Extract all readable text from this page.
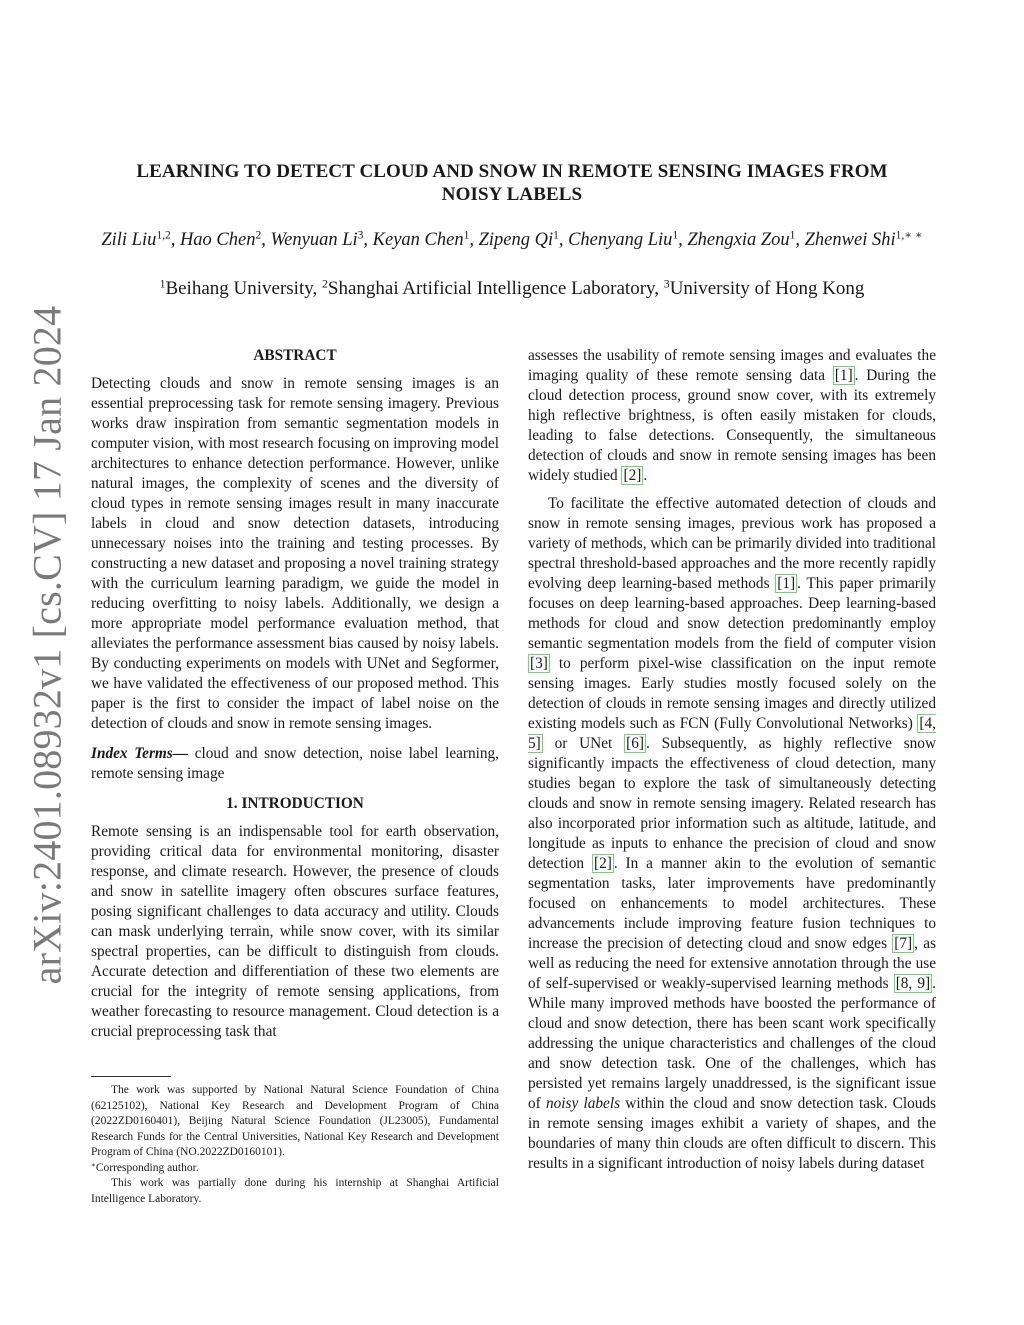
arXiv:2401.08932v1 [cs.CV] 17 Jan 2024
LEARNING TO DETECT CLOUD AND SNOW IN REMOTE SENSING IMAGES FROM
NOISY LABELS
Zili Liu$^{1,2}$, Hao Chen$^2$, Wenyuan Li$^3$, Keyan Chen$^1$, Zipeng Qi$^1$, Chenyang Liu$^1$, Zhengxia Zou$^1$, Zhenwei Shi$^{1,∗ ∗}$
$^1$Beihang University, $^2$Shanghai Artificial Intelligence Laboratory, $^3$University of Hong Kong
ABSTRACT

Detecting clouds and snow in remote sensing images is an essential preprocessing task for remote sensing imagery. Previous works draw inspiration from semantic segmentation models in computer vision, with most research focusing on improving model architectures to enhance detection performance. However, unlike natural images, the complexity of scenes and the diversity of cloud types in remote sensing images result in many inaccurate labels in cloud and snow detection datasets, introducing unnecessary noises into the training and testing processes. By constructing a new dataset and proposing a novel training strategy with the curriculum learning paradigm, we guide the model in reducing overfitting to noisy labels. Additionally, we design a more appropriate model performance evaluation method, that alleviates the performance assessment bias caused by noisy labels. By conducting experiments on models with UNet and Segformer, we have validated the effectiveness of our proposed method. This paper is the first to consider the impact of label noise on the detection of clouds and snow in remote sensing images.

Index Terms— cloud and snow detection, noise label learning, remote sensing image

1. INTRODUCTION

Remote sensing is an indispensable tool for earth observation, providing critical data for environmental monitoring, disaster response, and climate research. However, the presence of clouds and snow in satellite imagery often obscures surface features, posing significant challenges to data accuracy and utility. Clouds can mask underlying terrain, while snow cover, with its similar spectral properties, can be difficult to distinguish from clouds. Accurate detection and differentiation of these two elements are crucial for the integrity of remote sensing applications, from weather forecasting to resource management. Cloud detection is a crucial preprocessing task that

The work was supported by National Natural Science Foundation of China (62125102), National Key Research and Development Program of China (2022ZD0160401), Beijing Natural Science Foundation (JL23005), Fundamental Research Funds for the Central Universities, National Key Research and Development Program of China (NO.2022ZD0160101).
∗Corresponding author.
This work was partially done during his internship at Shanghai Artificial Intelligence Laboratory.

assesses the usability of remote sensing images and evaluates the imaging quality of these remote sensing data [1] . During the cloud detection process, ground snow cover, with its extremely high reflective brightness, is often easily mistaken for clouds, leading to false detections. Consequently, the simultaneous detection of clouds and snow in remote sensing images has been widely studied [2] .

To facilitate the effective automated detection of clouds and snow in remote sensing images, previous work has proposed a variety of methods, which can be primarily divided into traditional spectral threshold-based approaches and the more recently rapidly evolving deep learning-based methods [1] . This paper primarily focuses on deep learning-based approaches. Deep learning-based methods for cloud and snow detection predominantly employ semantic segmentation models from the field of computer vision [3] to perform pixel-wise classification on the input remote sensing images. Early studies mostly focused solely on the detection of clouds in remote sensing images and directly utilized existing models such as FCN (Fully Convolutional Networks) [4, 5] or UNet [6] . Subsequently, as highly reflective snow significantly impacts the effectiveness of cloud detection, many studies began to explore the task of simultaneously detecting clouds and snow in remote sensing imagery. Related research has also incorporated prior information such as altitude, latitude, and longitude as inputs to enhance the precision of cloud and snow detection [2] . In a manner akin to the evolution of semantic segmentation tasks, later improvements have predominantly focused on enhancements to model architectures. These advancements include improving feature fusion techniques to increase the precision of detecting cloud and snow edges [7] , as well as reducing the need for extensive annotation through the use of self-supervised or weakly-supervised learning methods [8, 9] . While many improved methods have boosted the performance of cloud and snow detection, there has been scant work specifically addressing the unique characteristics and challenges of the cloud and snow detection task. One of the challenges, which has persisted yet remains largely unaddressed, is the significant issue of noisy labels within the cloud and snow detection task. Clouds in remote sensing images exhibit a variety of shapes, and the boundaries of many thin clouds are often difficult to discern. This results in a significant introduction of noisy labels during dataset
